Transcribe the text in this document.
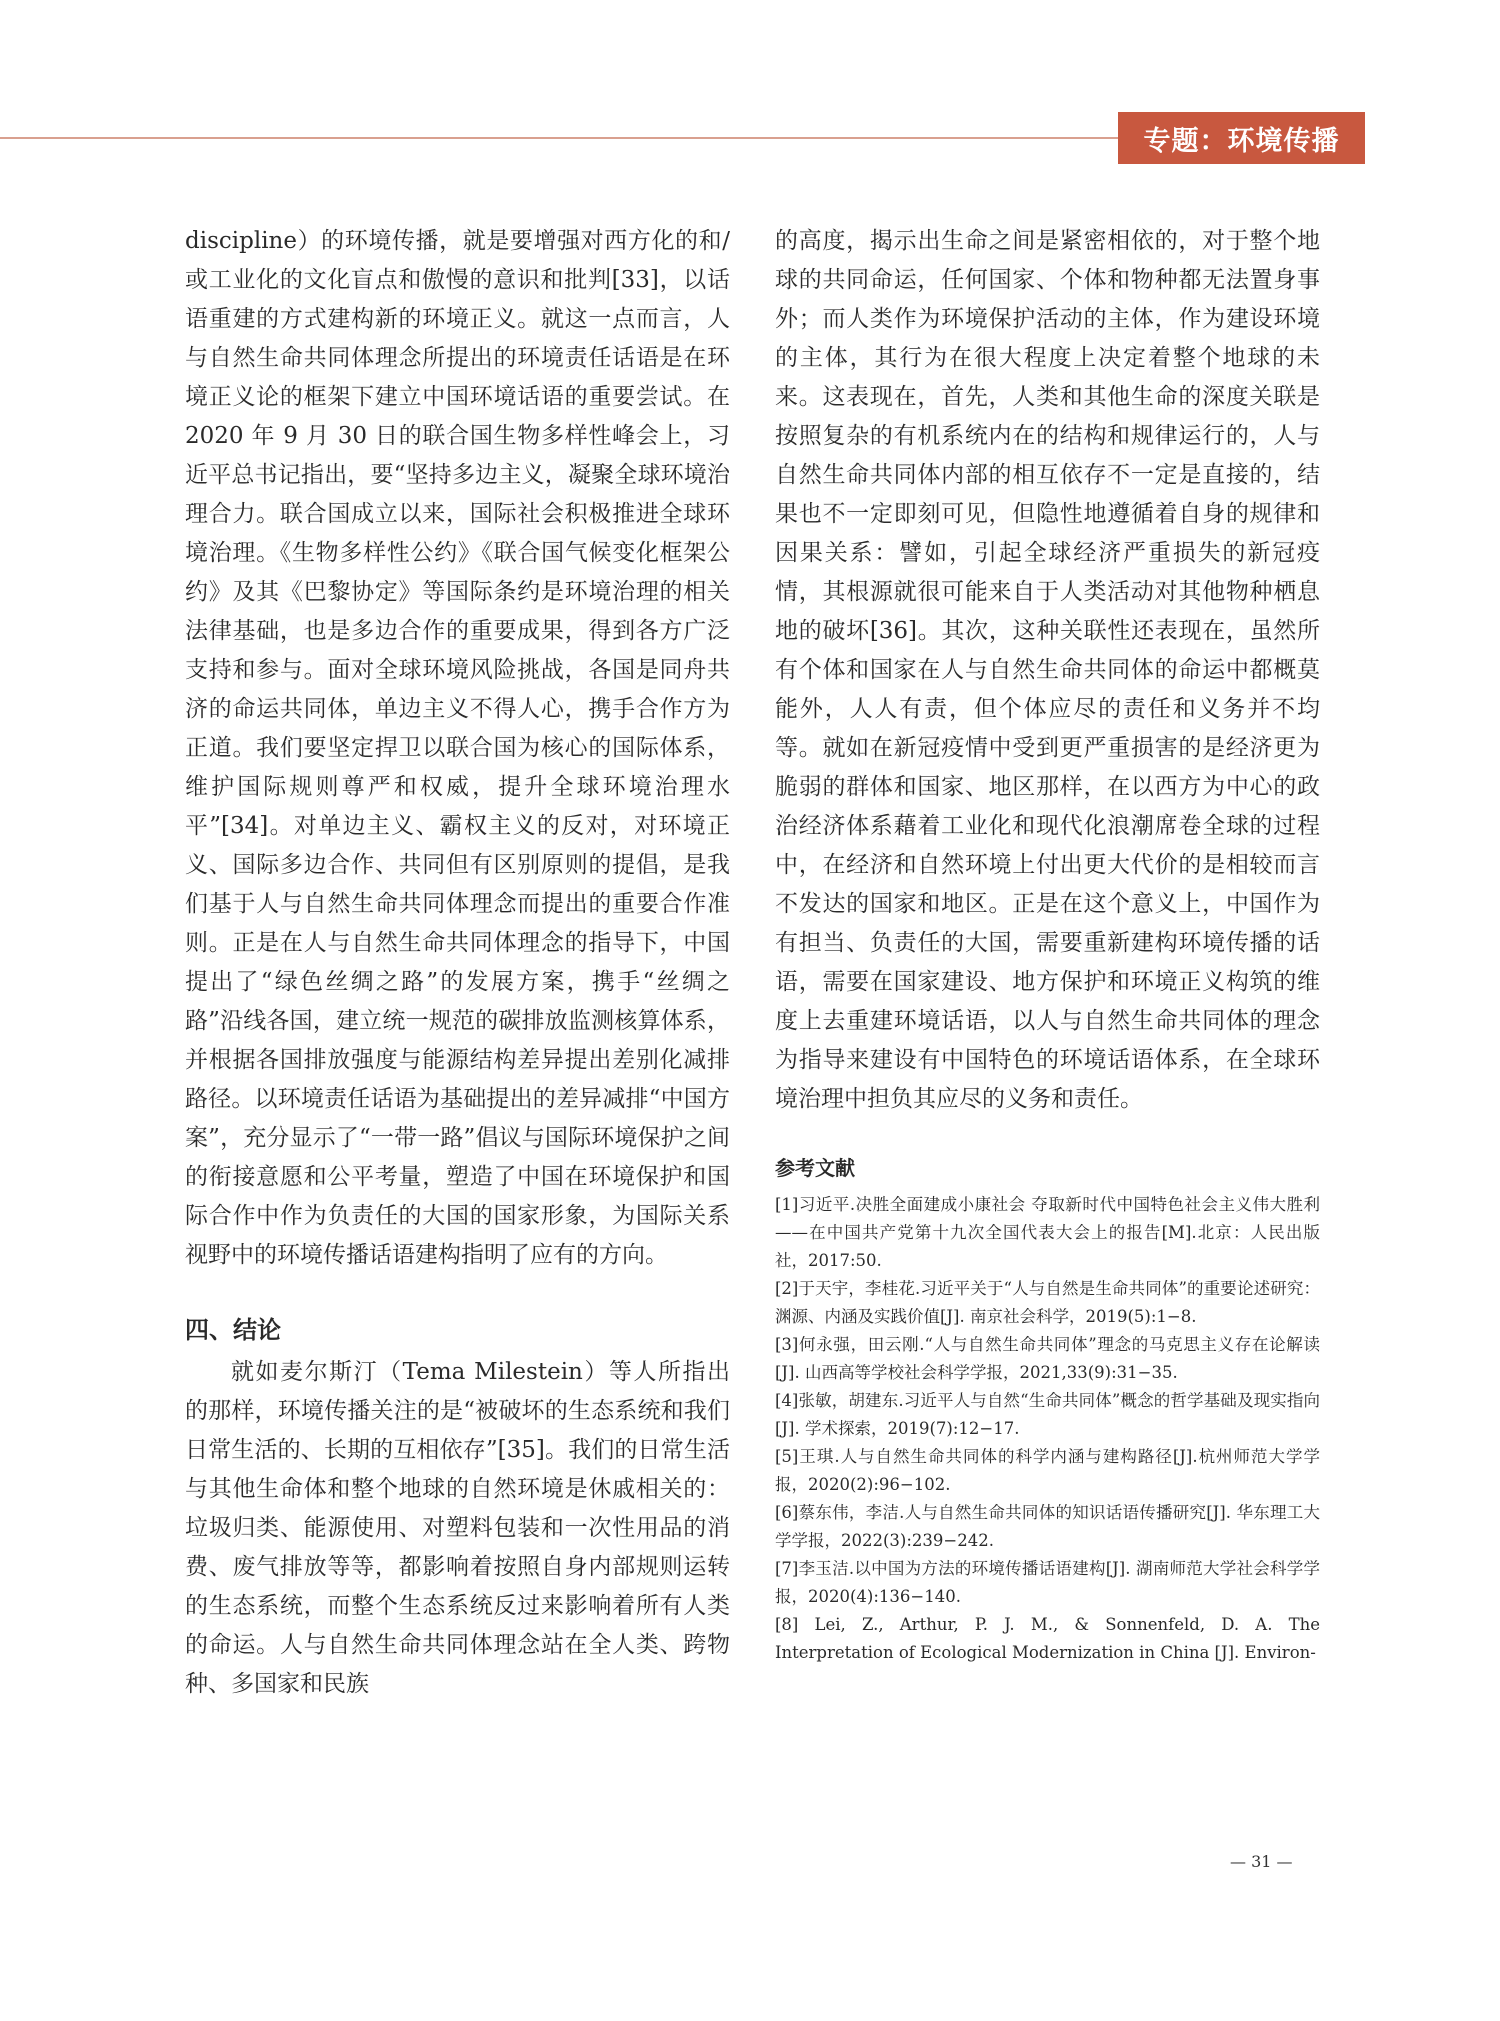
专题：环境传播

discipline）的环境传播，就是要增强对西方化的和/或工业化的文化盲点和傲慢的意识和批判[33]，以话语重建的方式建构新的环境正义。就这一点而言，人与自然生命共同体理念所提出的环境责任话语是在环境正义论的框架下建立中国环境话语的重要尝试。在 2020 年 9 月 30 日的联合国生物多样性峰会上，习近平总书记指出，要“坚持多边主义，凝聚全球环境治理合力。联合国成立以来，国际社会积极推进全球环境治理。《生物多样性公约》《联合国气候变化框架公约》及其《巴黎协定》等国际条约是环境治理的相关法律基础，也是多边合作的重要成果，得到各方广泛支持和参与。面对全球环境风险挑战，各国是同舟共济的命运共同体，单边主义不得人心，携手合作方为正道。我们要坚定捍卫以联合国为核心的国际体系，维护国际规则尊严和权威，提升全球环境治理水平”[34]。对单边主义、霸权主义的反对，对环境正义、国际多边合作、共同但有区别原则的提倡，是我们基于人与自然生命共同体理念而提出的重要合作准则。正是在人与自然生命共同体理念的指导下，中国提出了“绿色丝绸之路”的发展方案，携手“丝绸之路”沿线各国，建立统一规范的碳排放监测核算体系，并根据各国排放强度与能源结构差异提出差别化减排路径。以环境责任话语为基础提出的差异减排“中国方案”，充分显示了“一带一路”倡议与国际环境保护之间的衔接意愿和公平考量，塑造了中国在环境保护和国际合作中作为负责任的大国的国家形象，为国际关系视野中的环境传播话语建构指明了应有的方向。

四、结论

就如麦尔斯汀（Tema Milestein）等人所指出的那样，环境传播关注的是“被破坏的生态系统和我们日常生活的、长期的互相依存”[35]。我们的日常生活与其他生命体和整个地球的自然环境是休戚相关的：垃圾归类、能源使用、对塑料包装和一次性用品的消费、废气排放等等，都影响着按照自身内部规则运转的生态系统，而整个生态系统反过来影响着所有人类的命运。人与自然生命共同体理念站在全人类、跨物种、多国家和民族

的高度，揭示出生命之间是紧密相依的，对于整个地球的共同命运，任何国家、个体和物种都无法置身事外；而人类作为环境保护活动的主体，作为建设环境的主体，其行为在很大程度上决定着整个地球的未来。这表现在，首先，人类和其他生命的深度关联是按照复杂的有机系统内在的结构和规律运行的，人与自然生命共同体内部的相互依存不一定是直接的，结果也不一定即刻可见，但隐性地遵循着自身的规律和因果关系：譬如，引起全球经济严重损失的新冠疫情，其根源就很可能来自于人类活动对其他物种栖息地的破坏[36]。其次，这种关联性还表现在，虽然所有个体和国家在人与自然生命共同体的命运中都概莫能外，人人有责，但个体应尽的责任和义务并不均等。就如在新冠疫情中受到更严重损害的是经济更为脆弱的群体和国家、地区那样，在以西方为中心的政治经济体系藉着工业化和现代化浪潮席卷全球的过程中，在经济和自然环境上付出更大代价的是相较而言不发达的国家和地区。正是在这个意义上，中国作为有担当、负责任的大国，需要重新建构环境传播的话语，需要在国家建设、地方保护和环境正义构筑的维度上去重建环境话语，以人与自然生命共同体的理念为指导来建设有中国特色的环境话语体系，在全球环境治理中担负其应尽的义务和责任。

参考文献

[1]习近平.决胜全面建成小康社会 夺取新时代中国特色社会主义伟大胜利——在中国共产党第十九次全国代表大会上的报告[M].北京：人民出版社，2017:50.

[2]于天宇，李桂花.习近平关于“人与自然是生命共同体”的重要论述研究：渊源、内涵及实践价值[J]. 南京社会科学，2019(5):1−8.

[3]何永强，田云刚.“人与自然生命共同体”理念的马克思主义存在论解读[J]. 山西高等学校社会科学学报，2021,33(9):31−35.

[4]张敏，胡建东.习近平人与自然“生命共同体”概念的哲学基础及现实指向[J]. 学术探索，2019(7):12−17.

[5]王琪.人与自然生命共同体的科学内涵与建构路径[J].杭州师范大学学报，2020(2):96−102.

[6]蔡东伟，李洁.人与自然生命共同体的知识话语传播研究[J]. 华东理工大学学报，2022(3):239−242.

[7]李玉洁.以中国为方法的环境传播话语建构[J]. 湖南师范大学社会科学学报，2020(4):136−140.

[8] Lei, Z., Arthur, P. J. M., & Sonnenfeld, D. A. The Interpretation of Ecological Modernization in China [J]. Environ-

— 31 —
